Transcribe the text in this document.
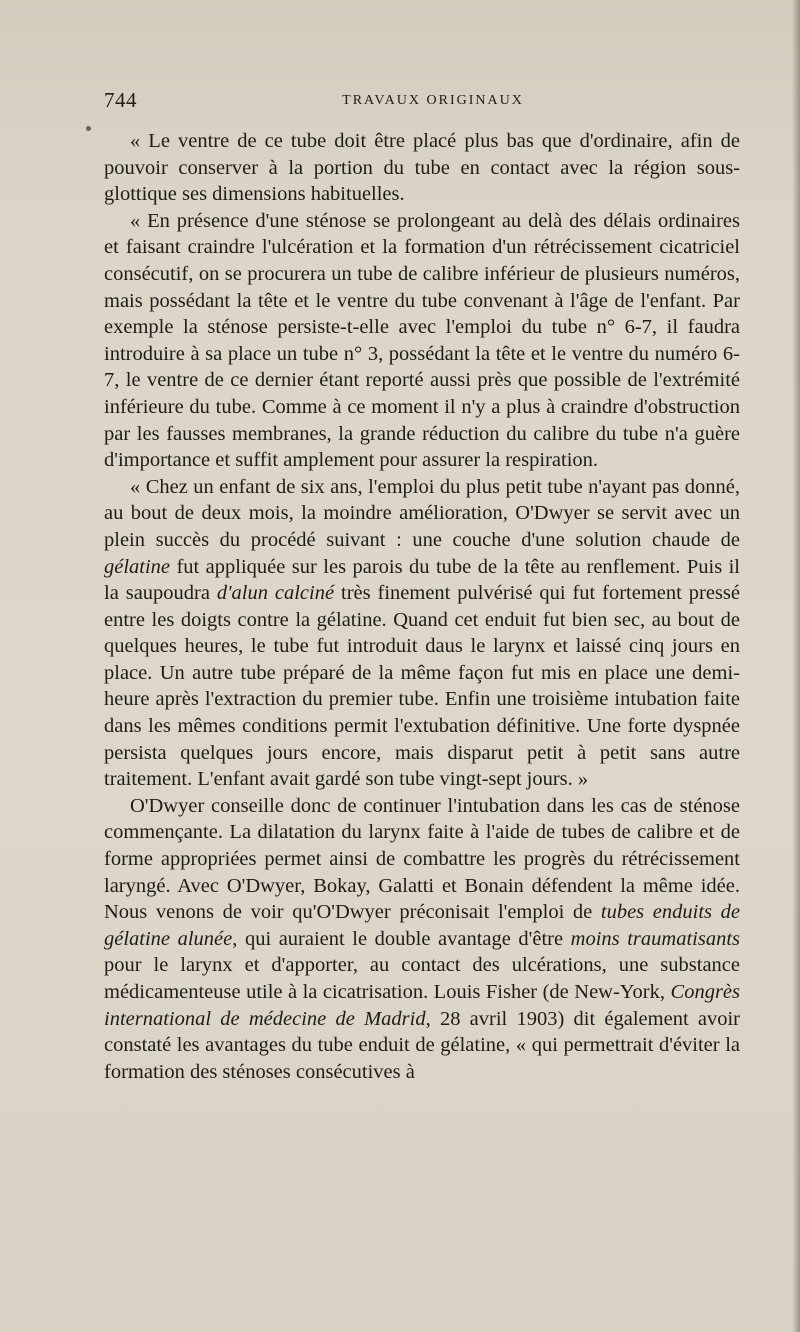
744	TRAVAUX ORIGINAUX

« Le ventre de ce tube doit être placé plus bas que d'ordinaire, afin de pouvoir conserver à la portion du tube en contact avec la région sous-glottique ses dimensions habituelles.

« En présence d'une sténose se prolongeant au delà des délais ordinaires et faisant craindre l'ulcération et la formation d'un rétrécissement cicatriciel consécutif, on se procurera un tube de calibre inférieur de plusieurs numéros, mais possédant la tête et le ventre du tube convenant à l'âge de l'enfant. Par exemple la sténose persiste-t-elle avec l'emploi du tube n° 6-7, il faudra introduire à sa place un tube n° 3, possédant la tête et le ventre du numéro 6-7, le ventre de ce dernier étant reporté aussi près que possible de l'extrémité inférieure du tube. Comme à ce moment il n'y a plus à craindre d'obstruction par les fausses membranes, la grande réduction du calibre du tube n'a guère d'importance et suffit amplement pour assurer la respiration.

« Chez un enfant de six ans, l'emploi du plus petit tube n'ayant pas donné, au bout de deux mois, la moindre amélioration, O'Dwyer se servit avec un plein succès du procédé suivant : une couche d'une solution chaude de gélatine fut appliquée sur les parois du tube de la tête au renflement. Puis il la saupoudra d'alun calciné très finement pulvérisé qui fut fortement pressé entre les doigts contre la gélatine. Quand cet enduit fut bien sec, au bout de quelques heures, le tube fut introduit daus le larynx et laissé cinq jours en place. Un autre tube préparé de la même façon fut mis en place une demi-heure après l'extraction du premier tube. Enfin une troisième intubation faite dans les mêmes conditions permit l'extubation définitive. Une forte dyspnée persista quelques jours encore, mais disparut petit à petit sans autre traitement. L'enfant avait gardé son tube vingt-sept jours. »

O'Dwyer conseille donc de continuer l'intubation dans les cas de sténose commençante. La dilatation du larynx faite à l'aide de tubes de calibre et de forme appropriées permet ainsi de combattre les progrès du rétrécissement laryngé. Avec O'Dwyer, Bokay, Galatti et Bonain défendent la même idée. Nous venons de voir qu'O'Dwyer préconisait l'emploi de tubes enduits de gélatine alunée, qui auraient le double avantage d'être moins traumatisants pour le larynx et d'apporter, au contact des ulcérations, une substance médicamenteuse utile à la cicatrisation. Louis Fisher (de New-York, Congrès international de médecine de Madrid, 28 avril 1903) dit également avoir constaté les avantages du tube enduit de gélatine, « qui permettrait d'éviter la formation des sténoses consécutives à
